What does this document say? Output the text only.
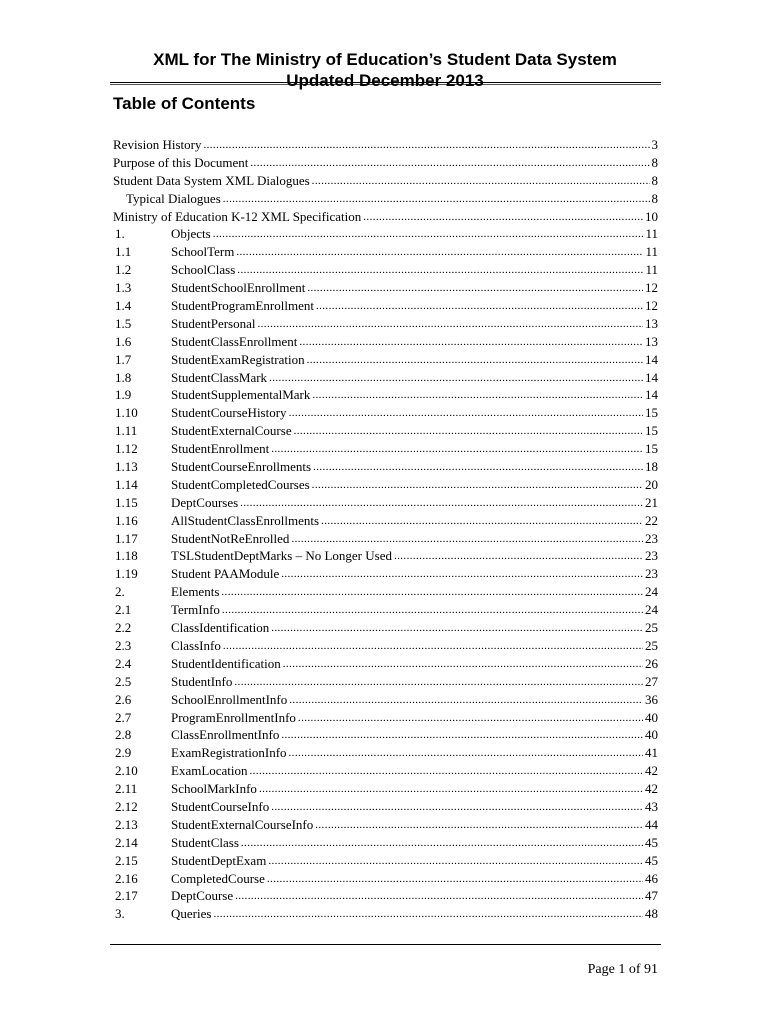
XML for The Ministry of Education’s Student Data System
Updated December 2013
Table of Contents
Revision History .....	3
Purpose of this Document .....	8
Student Data System XML Dialogues .....	8
Typical Dialogues .....	8
Ministry of Education K-12 XML Specification .....	10
1.	Objects .....	11
1.1	SchoolTerm .....	11
1.2	SchoolClass .....	11
1.3	StudentSchoolEnrollment .....	12
1.4	StudentProgramEnrollment .....	12
1.5	StudentPersonal .....	13
1.6	StudentClassEnrollment .....	13
1.7	StudentExamRegistration .....	14
1.8	StudentClassMark .....	14
1.9	StudentSupplementalMark .....	14
1.10	StudentCourseHistory .....	15
1.11	StudentExternalCourse .....	15
1.12	StudentEnrollment .....	15
1.13	StudentCourseEnrollments .....	18
1.14	StudentCompletedCourses .....	20
1.15	DeptCourses .....	21
1.16	AllStudentClassEnrollments .....	22
1.17	StudentNotReEnrolled .....	23
1.18	TSLStudentDeptMarks – No Longer Used .....	23
1.19	Student PAAModule .....	23
2.	Elements .....	24
2.1	TermInfo .....	24
2.2	ClassIdentification .....	25
2.3	ClassInfo .....	25
2.4	StudentIdentification .....	26
2.5	StudentInfo .....	27
2.6	SchoolEnrollmentInfo .....	36
2.7	ProgramEnrollmentInfo .....	40
2.8	ClassEnrollmentInfo .....	40
2.9	ExamRegistrationInfo .....	41
2.10	ExamLocation .....	42
2.11	SchoolMarkInfo .....	42
2.12	StudentCourseInfo .....	43
2.13	StudentExternalCourseInfo .....	44
2.14	StudentClass .....	45
2.15	StudentDeptExam .....	45
2.16	CompletedCourse .....	46
2.17	DeptCourse .....	47
3.	Queries .....	48
Page 1 of 91
